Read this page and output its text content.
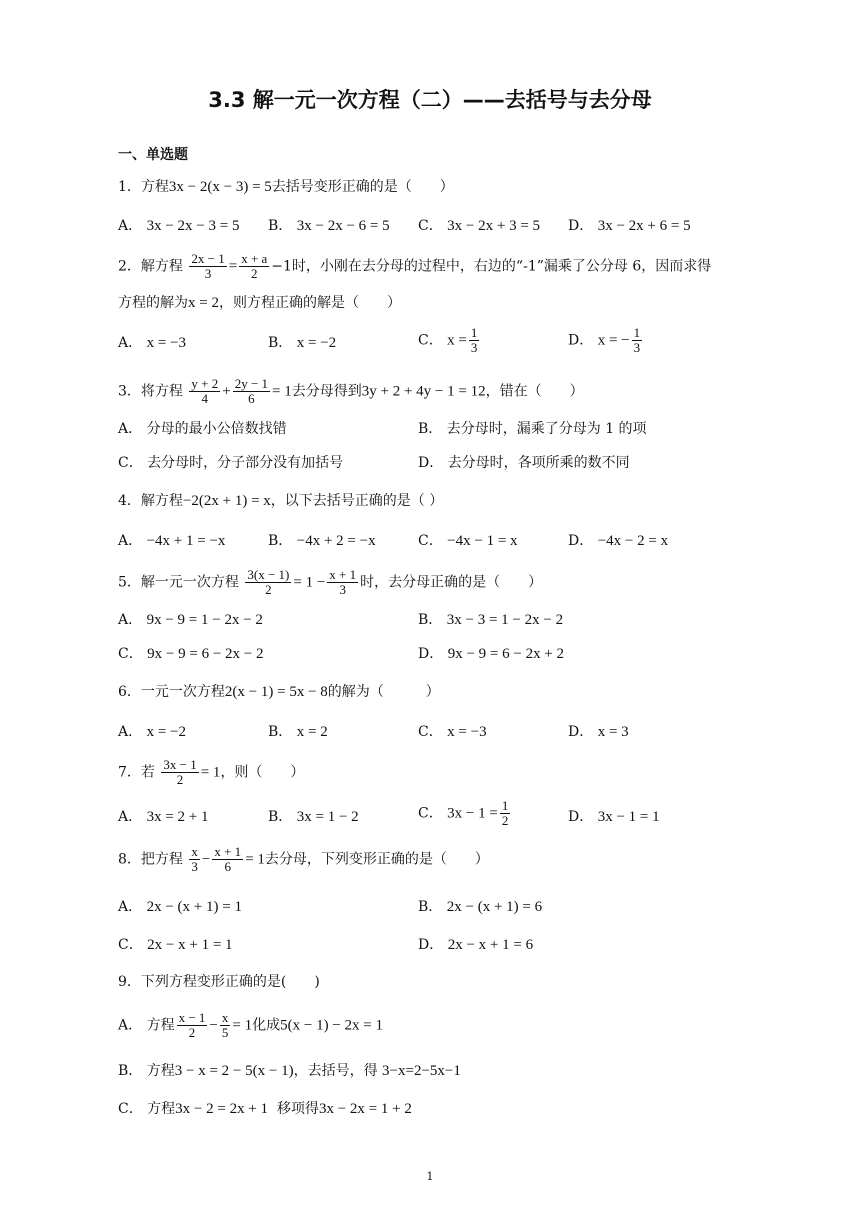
3.3 解一元一次方程（二）——去括号与去分母
一、单选题
1．方程3x − 2(x − 3) = 5去括号变形正确的是（　　）
A． 3x − 2x − 3 = 5 B． 3x − 2x − 6 = 5 C． 3x − 2x + 3 = 5 D． 3x − 2x + 6 = 5
2．解方程 $\frac{2x - 1}{3} = \frac{x + a}{2} -1$时，小刚在去分母的过程中，右边的“-1”漏乘了公分母 6，因而求得
方程的解为x = 2，则方程正确的解是（　　）
A． x = −3	B． x = −2	C． $x = \frac{1}{3}$	D． x = − $\frac{1}{3}$
3．将方程 $\frac{y + 2}{4} + \frac{2y - 1}{6} = 1$去分母得到3y + 2 + 4y − 1 = 12，错在（　　）
A． 分母的最小公倍数找错	B． 去分母时，漏乘了分母为 1 的项
C． 去分母时，分子部分没有加括号	D． 去分母时，各项所乘的数不同
4．解方程−2(2x + 1) = x，以下去括号正确的是（ ）
A． −4x + 1 = −x	B． −4x + 2 = −x	C． −4x − 1 = x	D． −4x − 2 = x
5．解一元一次方程 $\frac{3(x - 1)}{2} = 1 - \frac{x + 1}{3}$ 时，去分母正确的是（　　）
A． 9x − 9 = 1 − 2x − 2	B． 3x − 3 = 1 − 2x − 2
C． 9x − 9 = 6 − 2x − 2	D． 9x − 9 = 6 − 2x + 2
6．一元一次方程2(x − 1) = 5x − 8的解为（　　　）
A． x = −2	B． x = 2	C． x = −3	D． x = 3
7．若 $\frac{3x - 1}{2} = 1$，则（　　）
A． 3x = 2 + 1	B． 3x = 1 − 2	C． $3x - 1 = \frac{1}{2}$	D． 3x − 1 = 1
8．把方程 $\frac{x}{3} - \frac{x + 1}{6} = 1$去分母，下列变形正确的是（　　）
A． 2x − (x + 1) = 1	B． 2x − (x + 1) = 6
C． 2x − x + 1 = 1	D． 2x − x + 1 = 6
9．下列方程变形正确的是(　　)
A． 方程 $\frac{x - 1}{2} - \frac{x}{5} = 1$化成5(x − 1) − 2x = 1
B． 方程3 − x = 2 − 5(x − 1)，去括号，得 3−x=2−5x−1
C． 方程3x − 2 = 2x + 1 移项得3x − 2x = 1 + 2
1
